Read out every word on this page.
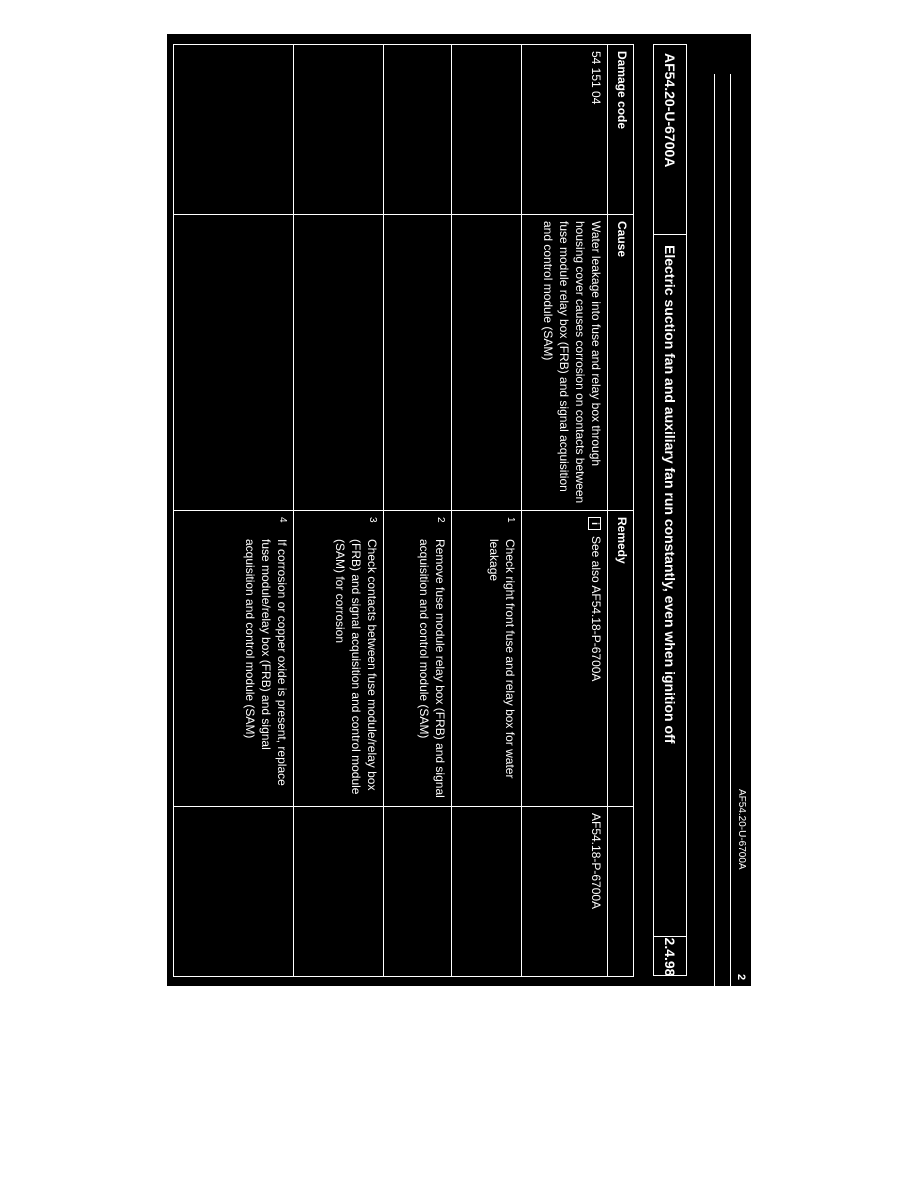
AF54.20-U-6700A
2
AF54.20-U-6700A
Electric suction fan and auxiliary fan run constantly, even when ignition off
2.4.98
Damage code	Cause	Remedy	
54 151 04	Water leakage into fuse and relay box through housing cover causes corrosion on contacts between fuse module relay box (FRB) and signal acquisition and control module (SAM)	iSee also AF54.18-P-6700A	AF54.18-P-6700A

		1
Check right front fuse and relay box for water leakage	

		2
Remove fuse module relay box (FRB) and signal acquisition and control module (SAM)	

		3
Check contacts between fuse module/relay box (FRB) and signal acquisition and control module (SAM) for corrosion	

		4
If corrosion or copper oxide is present, replace fuse module/relay box (FRB) and signal acquisition and control module (SAM)	
